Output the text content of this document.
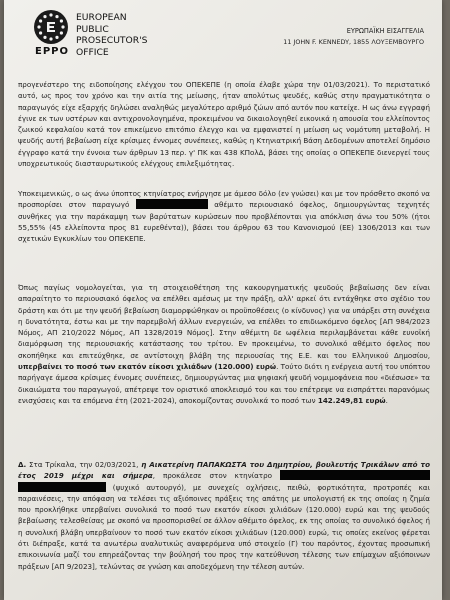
EPPO
EUROPEAN
PUBLIC
PROSECUTOR'S
OFFICE
ΕΥΡΩΠΑΪΚΗ ΕΙΣΑΓΓΕΛΙΑ
11 JOHN F. KENNEDY, 1855 ΛΟΥΞΕΜΒΟΥΡΓΟ

προγενέστερο της ειδοποίησης ελέγχου του ΟΠΕΚΕΠΕ (η οποία έλαβε χώρα την 01/03/2021). Το περιστατικό αυτό, ως προς τον χρόνο και την αιτία της μείωσης, ήταν απολύτως ψευδές, καθώς στην πραγματικότητα ο παραγωγός είχε εξαρχής δηλώσει αναληθώς μεγαλύτερο αριθμό ζώων από αυτόν που κατείχε. Η ως άνω εγγραφή έγινε εκ των υστέρων και αντιχρονολογημένα, προκειμένου να δικαιολογηθεί εικονικά η απουσία του ελλείποντος ζωικού κεφαλαίου κατά τον επικείμενο επιτόπιο έλεγχο και να εμφανιστεί η μείωση ως νομότυπη μεταβολή. Η ψευδής αυτή βεβαίωση είχε κρίσιμες έννομες συνέπειες, καθώς η Κτηνιατρική Βάση Δεδομένων αποτελεί δημόσιο έγγραφο κατά την έννοια των άρθρων 13 περ. γ' ΠΚ και 438 ΚΠολΔ, βάσει της οποίας ο ΟΠΕΚΕΠΕ διενεργεί τους υποχρεωτικούς διασταυρωτικούς ελέγχους επιλεξιμότητας.

Υποκειμενικώς, ο ως άνω ύποπτος κτηνίατρος ενήργησε με άμεσο δόλο (εν γνώσει) και με τον πρόσθετο σκοπό να προσπορίσει στον παραγωγό	αθέμιτο περιουσιακό όφελος, δημιουργώντας τεχνητές συνθήκες για την παράκαμψη των βαρύτατων κυρώσεων που προβλέπονται για απόκλιση άνω του 50% (ήτοι 55,55% (45 ελλείποντα προς 81 ευρεθέντα)), βάσει του άρθρου 63 του Κανονισμού (ΕΕ) 1306/2013 και των σχετικών Εγκυκλίων του ΟΠΕΚΕΠΕ.

Όπως παγίως νομολογείται, για τη στοιχειοθέτηση της κακουργηματικής ψευδούς βεβαίωσης δεν είναι απαραίτητο το περιουσιακό όφελος να επέλθει αμέσως με την πράξη, αλλ' αρκεί ότι εντάχθηκε στο σχέδιο του δράστη και ότι με την ψευδή βεβαίωση διαμορφώθηκαν οι προϋποθέσεις (ο κίνδυνος) για να υπάρξει στη συνέχεια η δυνατότητα, έστω και με την παρεμβολή άλλων ενεργειών, να επέλθει το επιδιωκόμενο όφελος [ΑΠ 984/2023 Νόμος, ΑΠ 210/2022 Νόμος, ΑΠ 1328/2019 Νόμος]. Στην αθέμιτη δε ωφέλεια περιλαμβάνεται κάθε ευνοϊκή διαμόρφωση της περιουσιακής κατάστασης του τρίτου. Εν προκειμένω, το συνολικό αθέμιτο όφελος που σκοπήθηκε και επιτεύχθηκε, σε αντίστοιχη βλάβη της περιουσίας της Ε.Ε. και του Ελληνικού Δημοσίου, υπερβαίνει το ποσό των εκατόν είκοσι χιλιάδων (120.000) ευρώ. Τούτο διότι η ενέργεια αυτή του υπόπτου παρήγαγε άμεσα κρίσιμες έννομες συνέπειες, δημιουργώντας μια ψηφιακή ψευδή νομιμοφάνεια που «διέσωσε» τα δικαιώματα του παραγωγού, απέτρεψε τον οριστικό αποκλεισμό του και του επέτρεψε να εισπράττει παρανόμως ενισχύσεις και τα επόμενα έτη (2021-2024), αποκομίζοντας συνολικά το ποσό των 142.249,81 ευρώ.

Δ. Στα Τρίκαλα, την 02/03/2021, η Αικατερίνη ΠΑΠΑΚΩΣΤΑ του Δημητρίου, βουλευτής Τρικάλων από το έτος 2019 μέχρι και σήμερα, προκάλεσε στον κτηνίατρο   (ψυχικό αυτουργό), με συνεχείς οχλήσεις, πειθώ, φορτικότητα, προτροπές και παραινέσεις, την απόφαση να τελέσει τις αξιόποινες πράξεις της απάτης με υπολογιστή εκ της οποίας η ζημία που προκλήθηκε υπερβαίνει συνολικά το ποσό των εκατόν είκοσι χιλιάδων (120.000) ευρώ και της ψευδούς βεβαίωσης τελεσθείσας με σκοπό να προσπορισθεί σε άλλον αθέμιτο όφελος, εκ της οποίας το συνολικό όφελος ή η συνολική βλάβη υπερβαίνουν το ποσό των εκατόν είκοσι χιλιάδων (120.000) ευρώ, τις οποίες εκείνος φέρεται ότι διέπραξε, κατά τα ανωτέρω αναλυτικώς αναφερόμενα υπό στοιχείο (Γ) του παρόντος, έχοντας προσωπική επικοινωνία μαζί του επηρεάζοντας την βούλησή του προς την κατεύθυνση τέλεσης των επίμαχων αξιόποινων πράξεων [ΑΠ 9/2023], τελώντας σε γνώση και αποδεχόμενη την τέλεση αυτών.
